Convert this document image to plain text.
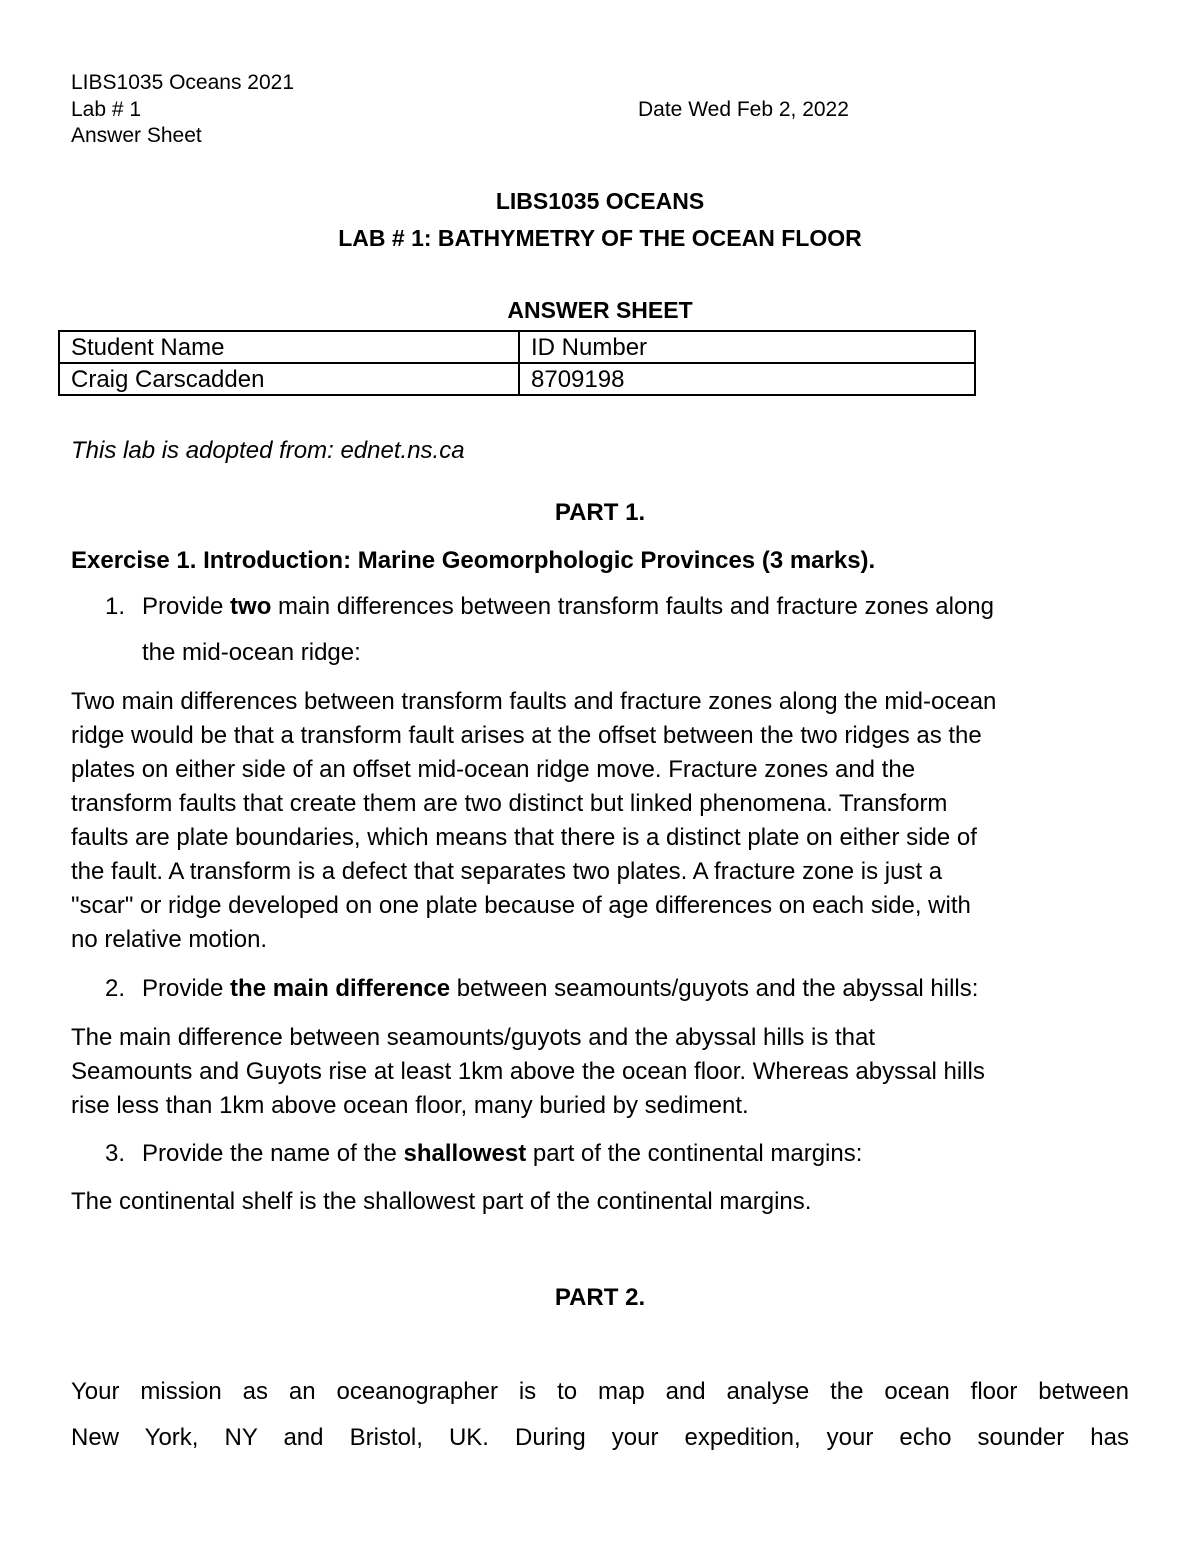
LIBS1035 Oceans 2021
Lab # 1
Answer Sheet
Date Wed Feb 2, 2022
LIBS1035 OCEANS
LAB # 1: BATHYMETRY OF THE OCEAN FLOOR
ANSWER SHEET
Student Name	ID Number
Craig Carscadden	8709198
This lab is adopted from: ednet.ns.ca
PART 1.
Exercise 1. Introduction: Marine Geomorphologic Provinces (3 marks).
1. Provide two main differences between transform faults and fracture zones along
the mid-ocean ridge:
Two main differences between transform faults and fracture zones along the mid-ocean
ridge would be that a transform fault arises at the offset between the two ridges as the
plates on either side of an offset mid-ocean ridge move. Fracture zones and the
transform faults that create them are two distinct but linked phenomena. Transform
faults are plate boundaries, which means that there is a distinct plate on either side of
the fault. A transform is a defect that separates two plates. A fracture zone is just a
"scar" or ridge developed on one plate because of age differences on each side, with
no relative motion.
2. Provide the main difference between seamounts/guyots and the abyssal hills:
The main difference between seamounts/guyots and the abyssal hills is that
Seamounts and Guyots rise at least 1km above the ocean floor. Whereas abyssal hills
rise less than 1km above ocean floor, many buried by sediment.
3. Provide the name of the shallowest part of the continental margins:
The continental shelf is the shallowest part of the continental margins.
PART 2.
Your mission as an oceanographer is to map and analyse the ocean floor between
New York, NY and Bristol, UK. During your expedition, your echo sounder has
